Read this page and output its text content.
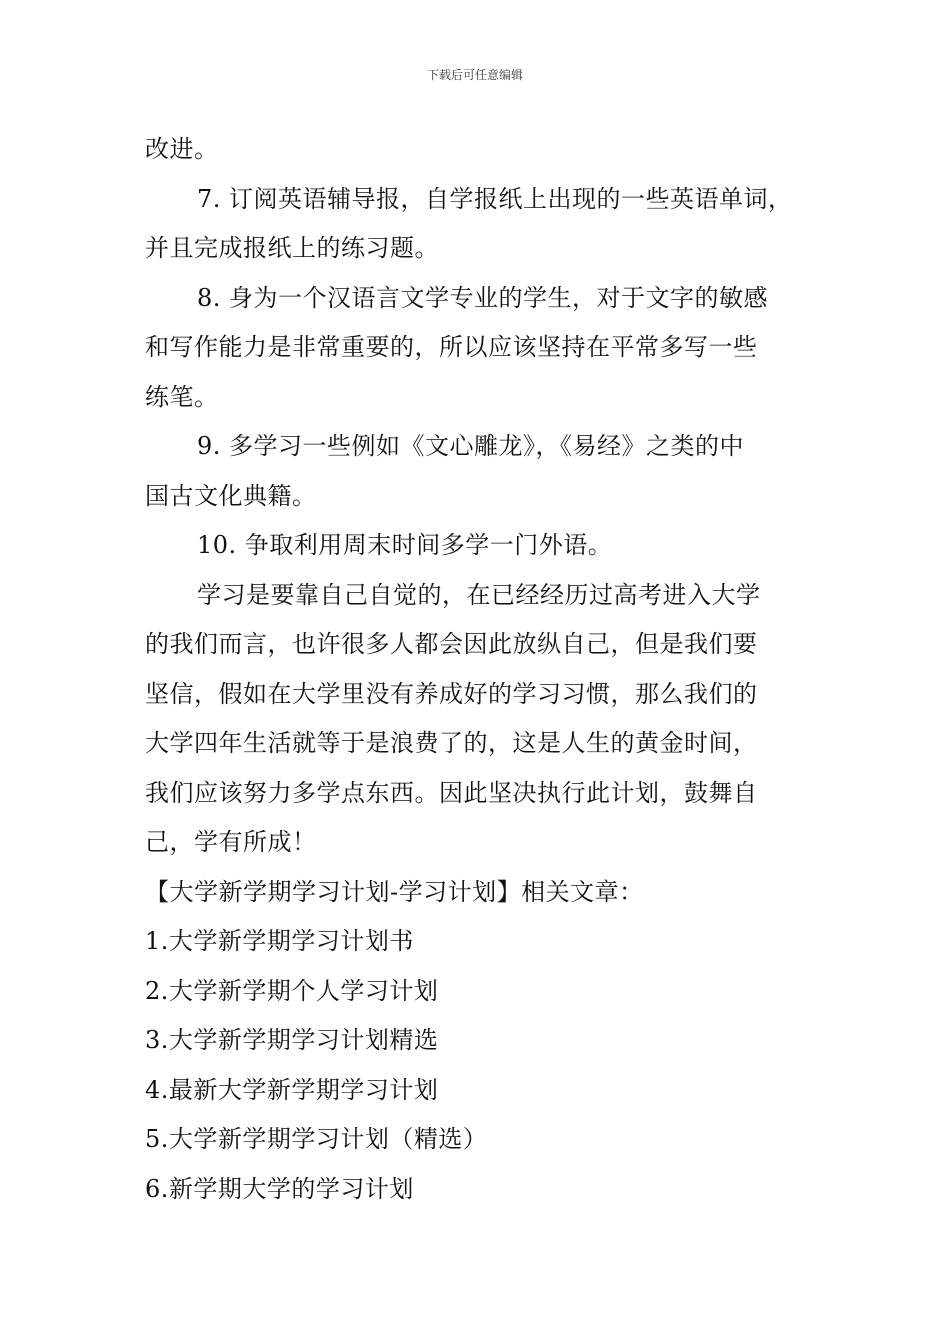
下载后可任意编辑
改进。
7. 订阅英语辅导报，自学报纸上出现的一些英语单词，
并且完成报纸上的练习题。
8. 身为一个汉语言文学专业的学生，对于文字的敏感
和写作能力是非常重要的，所以应该坚持在平常多写一些
练笔。
9. 多学习一些例如《文心雕龙》，《易经》之类的中
国古文化典籍。
10. 争取利用周末时间多学一门外语。
学习是要靠自己自觉的，在已经经历过高考进入大学
的我们而言，也许很多人都会因此放纵自己，但是我们要
坚信，假如在大学里没有养成好的学习习惯，那么我们的
大学四年生活就等于是浪费了的，这是人生的黄金时间，
我们应该努力多学点东西。因此坚决执行此计划，鼓舞自
己，学有所成！
【大学新学期学习计划-学习计划】相关文章：
1.大学新学期学习计划书
2.大学新学期个人学习计划
3.大学新学期学习计划精选
4.最新大学新学期学习计划
5.大学新学期学习计划（精选）
6.新学期大学的学习计划
